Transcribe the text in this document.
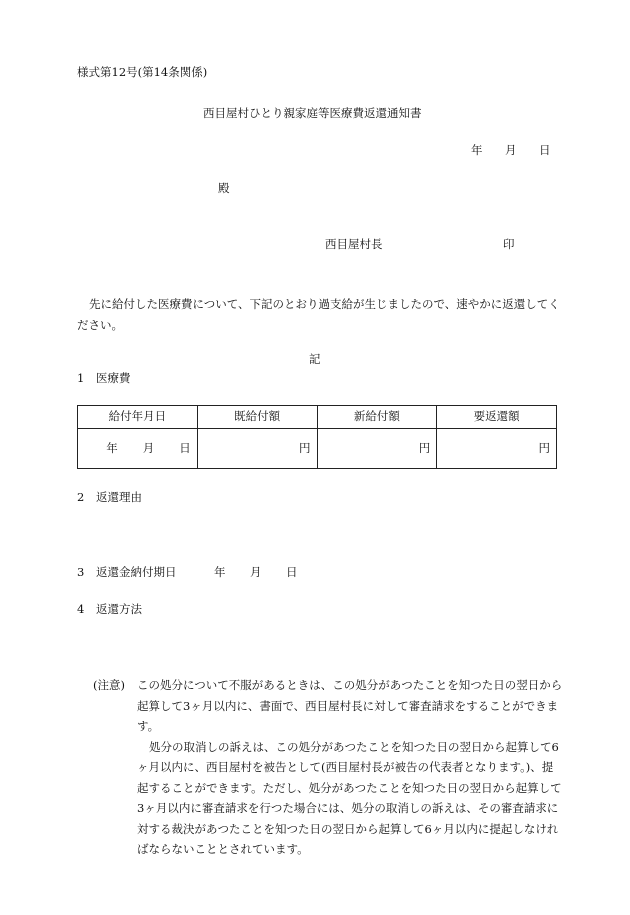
様式第12号(第14条関係)
西目屋村ひとり親家庭等医療費返還通知書
年 月 日
殿
西目屋村長	印
先に給付した医療費について、下記のとおり過支給が生じましたので、速やかに返還してください。
記
1 医療費
給付年月日	既給付額	新給付額	要返還額
年 月 日	円	円	円
2 返還理由
3 返還金納付期日	年 月 日
4 返還方法
(注意)	この処分について不服があるときは、この処分があつたことを知つた日の翌日から起算して3ヶ月以内に、書面で、西目屋村長に対して審査請求をすることができます。
処分の取消しの訴えは、この処分があつたことを知つた日の翌日から起算して6ヶ月以内に、西目屋村を被告として(西目屋村長が被告の代表者となります。)、提起することができます。ただし、処分があつたことを知つた日の翌日から起算して3ヶ月以内に審査請求を行つた場合には、処分の取消しの訴えは、その審査請求に対する裁決があつたことを知つた日の翌日から起算して6ヶ月以内に提起しなければならないこととされています。
